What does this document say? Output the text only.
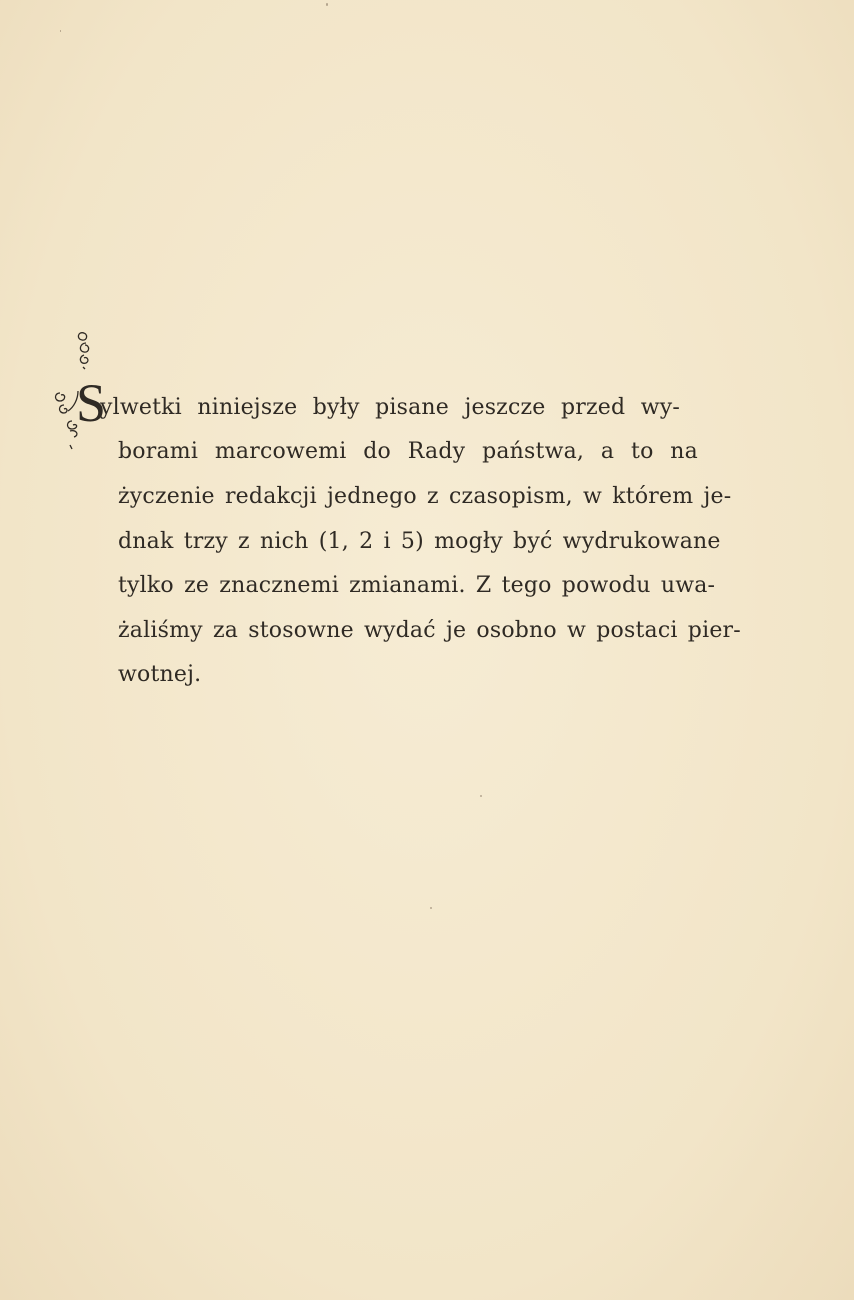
S
ylwetki niniejsze były pisane jeszcze przed wy-
borami marcowemi do Rady państwa, a to na
życzenie redakcji jednego z czasopism, w którem je-
dnak trzy z nich (1, 2 i 5) mogły być wydrukowane
tylko ze znacznemi zmianami. Z tego powodu uwa-
żaliśmy za stosowne wydać je osobno w postaci pier-
wotnej.
